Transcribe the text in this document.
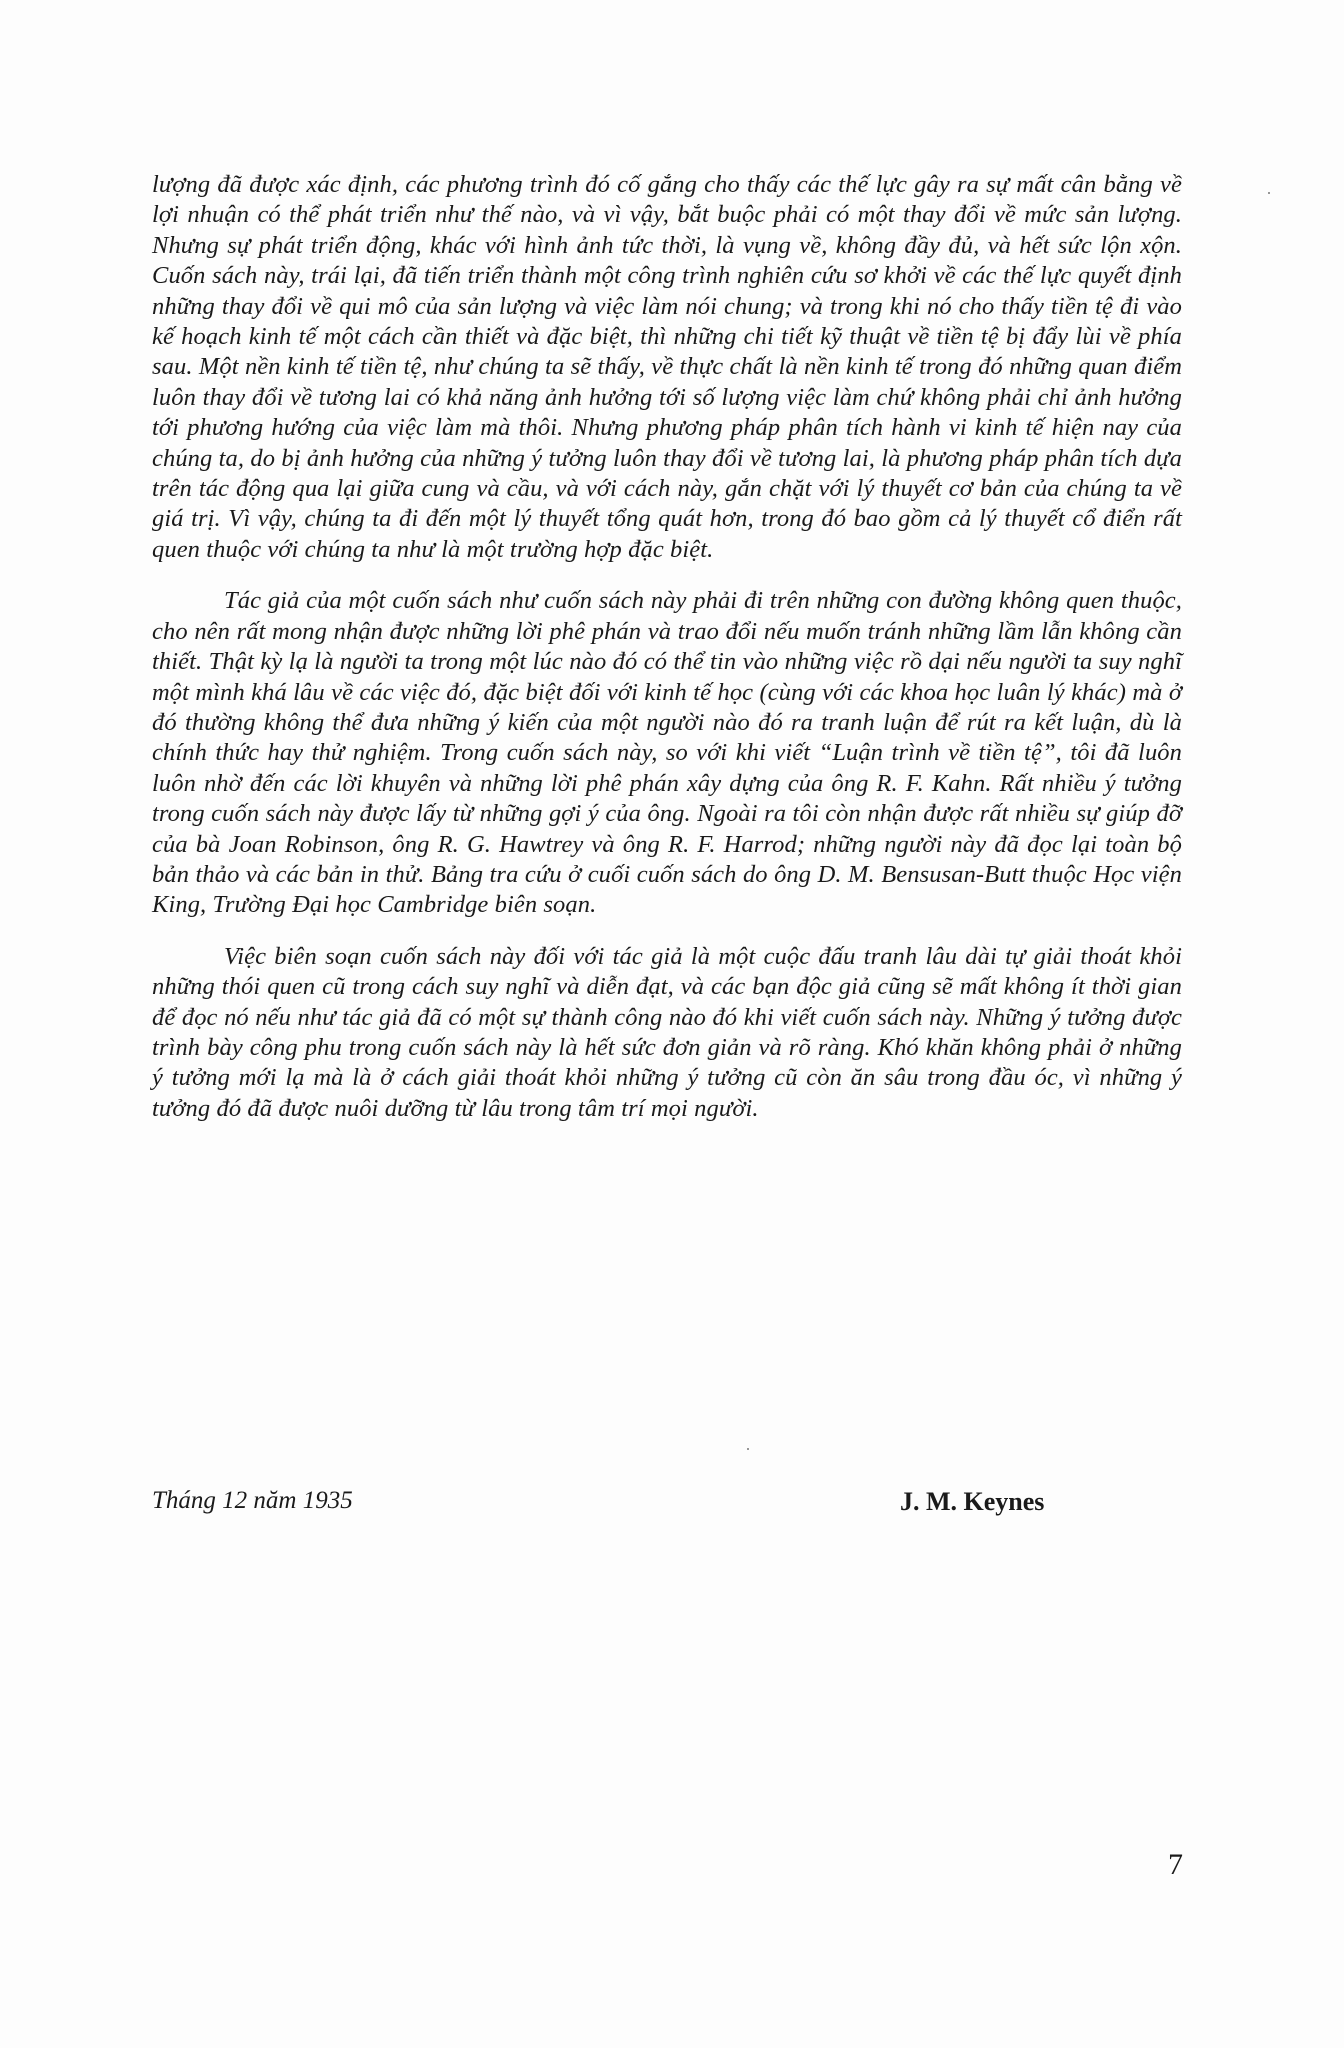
lượng đã được xác định, các phương trình đó cố gắng cho thấy các thế lực gây ra sự mất cân bằng về lợi nhuận có thể phát triển như thế nào, và vì vậy, bắt buộc phải có một thay đổi về mức sản lượng. Nhưng sự phát triển động, khác với hình ảnh tức thời, là vụng về, không đầy đủ, và hết sức lộn xộn. Cuốn sách này, trái lại, đã tiến triển thành một công trình nghiên cứu sơ khởi về các thế lực quyết định những thay đổi về qui mô của sản lượng và việc làm nói chung; và trong khi nó cho thấy tiền tệ đi vào kế hoạch kinh tế một cách cần thiết và đặc biệt, thì những chi tiết kỹ thuật về tiền tệ bị đẩy lùi về phía sau. Một nền kinh tế tiền tệ, như chúng ta sẽ thấy, về thực chất là nền kinh tế trong đó những quan điểm luôn thay đổi về tương lai có khả năng ảnh hưởng tới số lượng việc làm chứ không phải chỉ ảnh hưởng tới phương hướng của việc làm mà thôi. Nhưng phương pháp phân tích hành vi kinh tế hiện nay của chúng ta, do bị ảnh hưởng của những ý tưởng luôn thay đổi về tương lai, là phương pháp phân tích dựa trên tác động qua lại giữa cung và cầu, và với cách này, gắn chặt với lý thuyết cơ bản của chúng ta về giá trị. Vì vậy, chúng ta đi đến một lý thuyết tổng quát hơn, trong đó bao gồm cả lý thuyết cổ điển rất quen thuộc với chúng ta như là một trường hợp đặc biệt.

Tác giả của một cuốn sách như cuốn sách này phải đi trên những con đường không quen thuộc, cho nên rất mong nhận được những lời phê phán và trao đổi nếu muốn tránh những lầm lẫn không cần thiết. Thật kỳ lạ là người ta trong một lúc nào đó có thể tin vào những việc rồ dại nếu người ta suy nghĩ một mình khá lâu về các việc đó, đặc biệt đối với kinh tế học (cùng với các khoa học luân lý khác) mà ở đó thường không thể đưa những ý kiến của một người nào đó ra tranh luận để rút ra kết luận, dù là chính thức hay thử nghiệm. Trong cuốn sách này, so với khi viết “Luận trình về tiền tệ”, tôi đã luôn luôn nhờ đến các lời khuyên và những lời phê phán xây dựng của ông R. F. Kahn. Rất nhiều ý tưởng trong cuốn sách này được lấy từ những gợi ý của ông. Ngoài ra tôi còn nhận được rất nhiều sự giúp đỡ của bà Joan Robinson, ông R. G. Hawtrey và ông R. F. Harrod; những người này đã đọc lại toàn bộ bản thảo và các bản in thử. Bảng tra cứu ở cuối cuốn sách do ông D. M. Bensusan-Butt thuộc Học viện King, Trường Đại học Cambridge biên soạn.

Việc biên soạn cuốn sách này đối với tác giả là một cuộc đấu tranh lâu dài tự giải thoát khỏi những thói quen cũ trong cách suy nghĩ và diễn đạt, và các bạn độc giả cũng sẽ mất không ít thời gian để đọc nó nếu như tác giả đã có một sự thành công nào đó khi viết cuốn sách này. Những ý tưởng được trình bày công phu trong cuốn sách này là hết sức đơn giản và rõ ràng. Khó khăn không phải ở những ý tưởng mới lạ mà là ở cách giải thoát khỏi những ý tưởng cũ còn ăn sâu trong đầu óc, vì những ý tưởng đó đã được nuôi dưỡng từ lâu trong tâm trí mọi người.

Tháng 12 năm 1935	J. M. Keynes
7
